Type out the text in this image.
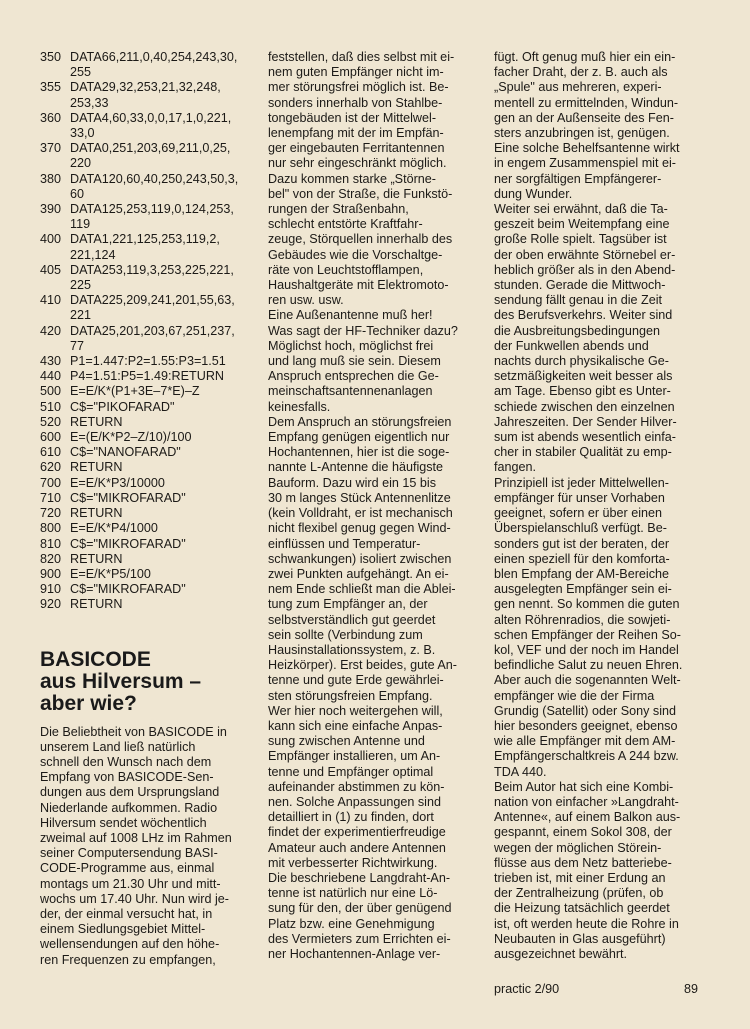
350 DATA66,211,0,40,254,243,30,
255
355 DATA29,32,253,21,32,248,
253,33
360 DATA4,60,33,0,0,17,1,0,221,
33,0
370 DATA0,251,203,69,211,0,25,
220
380 DATA120,60,40,250,243,50,3,
60
390 DATA125,253,119,0,124,253,
119
400 DATA1,221,125,253,119,2,
221,124
405 DATA253,119,3,253,225,221,
225
410 DATA225,209,241,201,55,63,
221
420 DATA25,201,203,67,251,237,
77
430 P1=1.447:P2=1.55:P3=1.51
440 P4=1.51:P5=1.49:RETURN
500 E=E/K*(P1+3E–7*E)–Z
510 C$="PIKOFARAD"
520 RETURN
600 E=(E/K*P2–Z/10)/100
610 C$="NANOFARAD"
620 RETURN
700 E=E/K*P3/10000
710 C$="MIKROFARAD"
720 RETURN
800 E=E/K*P4/1000
810 C$="MIKROFARAD"
820 RETURN
900 E=E/K*P5/100
910 C$="MIKROFARAD"
920 RETURN
BASICODE
aus Hilversum –
aber wie?
Die Beliebtheit von BASICODE in
unserem Land ließ natürlich
schnell den Wunsch nach dem
Empfang von BASICODE-Sen-
dungen aus dem Ursprungsland
Niederlande aufkommen. Radio
Hilversum sendet wöchentlich
zweimal auf 1008 LHz im Rahmen
seiner Computersendung BASI-
CODE-Programme aus, einmal
montags um 21.30 Uhr und mitt-
wochs um 17.40 Uhr. Nun wird je-
der, der einmal versucht hat, in
einem Siedlungsgebiet Mittel-
wellensendungen auf den höhe-
ren Frequenzen zu empfangen,
feststellen, daß dies selbst mit ei-
nem guten Empfänger nicht im-
mer störungsfrei möglich ist. Be-
sonders innerhalb von Stahlbe-
tongebäuden ist der Mittelwel-
lenempfang mit der im Empfän-
ger eingebauten Ferritantennen
nur sehr eingeschränkt möglich.
Dazu kommen starke „Störne-
bel" von der Straße, die Funkstö-
rungen der Straßenbahn,
schlecht entstörte Kraftfahr-
zeuge, Störquellen innerhalb des
Gebäudes wie die Vorschaltge-
räte von Leuchtstofflampen,
Haushaltgeräte mit Elektromoto-
ren usw. usw.
Eine Außenantenne muß her!
Was sagt der HF-Techniker dazu?
Möglichst hoch, möglichst frei
und lang muß sie sein. Diesem
Anspruch entsprechen die Ge-
meinschaftsantennenanlagen
keinesfalls.
Dem Anspruch an störungsfreien
Empfang genügen eigentlich nur
Hochantennen, hier ist die soge-
nannte L-Antenne die häufigste
Bauform. Dazu wird ein 15 bis
30 m langes Stück Antennenlitze
(kein Volldraht, er ist mechanisch
nicht flexibel genug gegen Wind-
einflüssen und Temperatur-
schwankungen) isoliert zwischen
zwei Punkten aufgehängt. An ei-
nem Ende schließt man die Ablei-
tung zum Empfänger an, der
selbstverständlich gut geerdet
sein sollte (Verbindung zum
Hausinstallationssystem, z. B.
Heizkörper). Erst beides, gute An-
tenne und gute Erde gewährlei-
sten störungsfreien Empfang.
Wer hier noch weitergehen will,
kann sich eine einfache Anpas-
sung zwischen Antenne und
Empfänger installieren, um An-
tenne und Empfänger optimal
aufeinander abstimmen zu kön-
nen. Solche Anpassungen sind
detailliert in (1) zu finden, dort
findet der experimentierfreudige
Amateur auch andere Antennen
mit verbesserter Richtwirkung.
Die beschriebene Langdraht-An-
tenne ist natürlich nur eine Lö-
sung für den, der über genügend
Platz bzw. eine Genehmigung
des Vermieters zum Errichten ei-
ner Hochantennen-Anlage ver-
fügt. Oft genug muß hier ein ein-
facher Draht, der z. B. auch als
„Spule" aus mehreren, experi-
mentell zu ermittelnden, Windun-
gen an der Außenseite des Fen-
sters anzubringen ist, genügen.
Eine solche Behelfsantenne wirkt
in engem Zusammenspiel mit ei-
ner sorgfältigen Empfängerer-
dung Wunder.
Weiter sei erwähnt, daß die Ta-
geszeit beim Weitempfang eine
große Rolle spielt. Tagsüber ist
der oben erwähnte Störnebel er-
heblich größer als in den Abend-
stunden. Gerade die Mittwoch-
sendung fällt genau in die Zeit
des Berufsverkehrs. Weiter sind
die Ausbreitungsbedingungen
der Funkwellen abends und
nachts durch physikalische Ge-
setzmäßigkeiten weit besser als
am Tage. Ebenso gibt es Unter-
schiede zwischen den einzelnen
Jahreszeiten. Der Sender Hilver-
sum ist abends wesentlich einfa-
cher in stabiler Qualität zu emp-
fangen.
Prinzipiell ist jeder Mittelwellen-
empfänger für unser Vorhaben
geeignet, sofern er über einen
Überspielanschluß verfügt. Be-
sonders gut ist der beraten, der
einen speziell für den komforta-
blen Empfang der AM-Bereiche
ausgelegten Empfänger sein ei-
gen nennt. So kommen die guten
alten Röhrenradios, die sowjeti-
schen Empfänger der Reihen So-
kol, VEF und der noch im Handel
befindliche Salut zu neuen Ehren.
Aber auch die sogenannten Welt-
empfänger wie die der Firma
Grundig (Satellit) oder Sony sind
hier besonders geeignet, ebenso
wie alle Empfänger mit dem AM-
Empfängerschaltkreis A 244 bzw.
TDA 440.
Beim Autor hat sich eine Kombi-
nation von einfacher »Langdraht-
Antenne«, auf einem Balkon aus-
gespannt, einem Sokol 308, der
wegen der möglichen Störein-
flüsse aus dem Netz batteriebe-
trieben ist, mit einer Erdung an
der Zentralheizung (prüfen, ob
die Heizung tatsächlich geerdet
ist, oft werden heute die Rohre in
Neubauten in Glas ausgeführt)
ausgezeichnet bewährt.
practic 2/90	89
